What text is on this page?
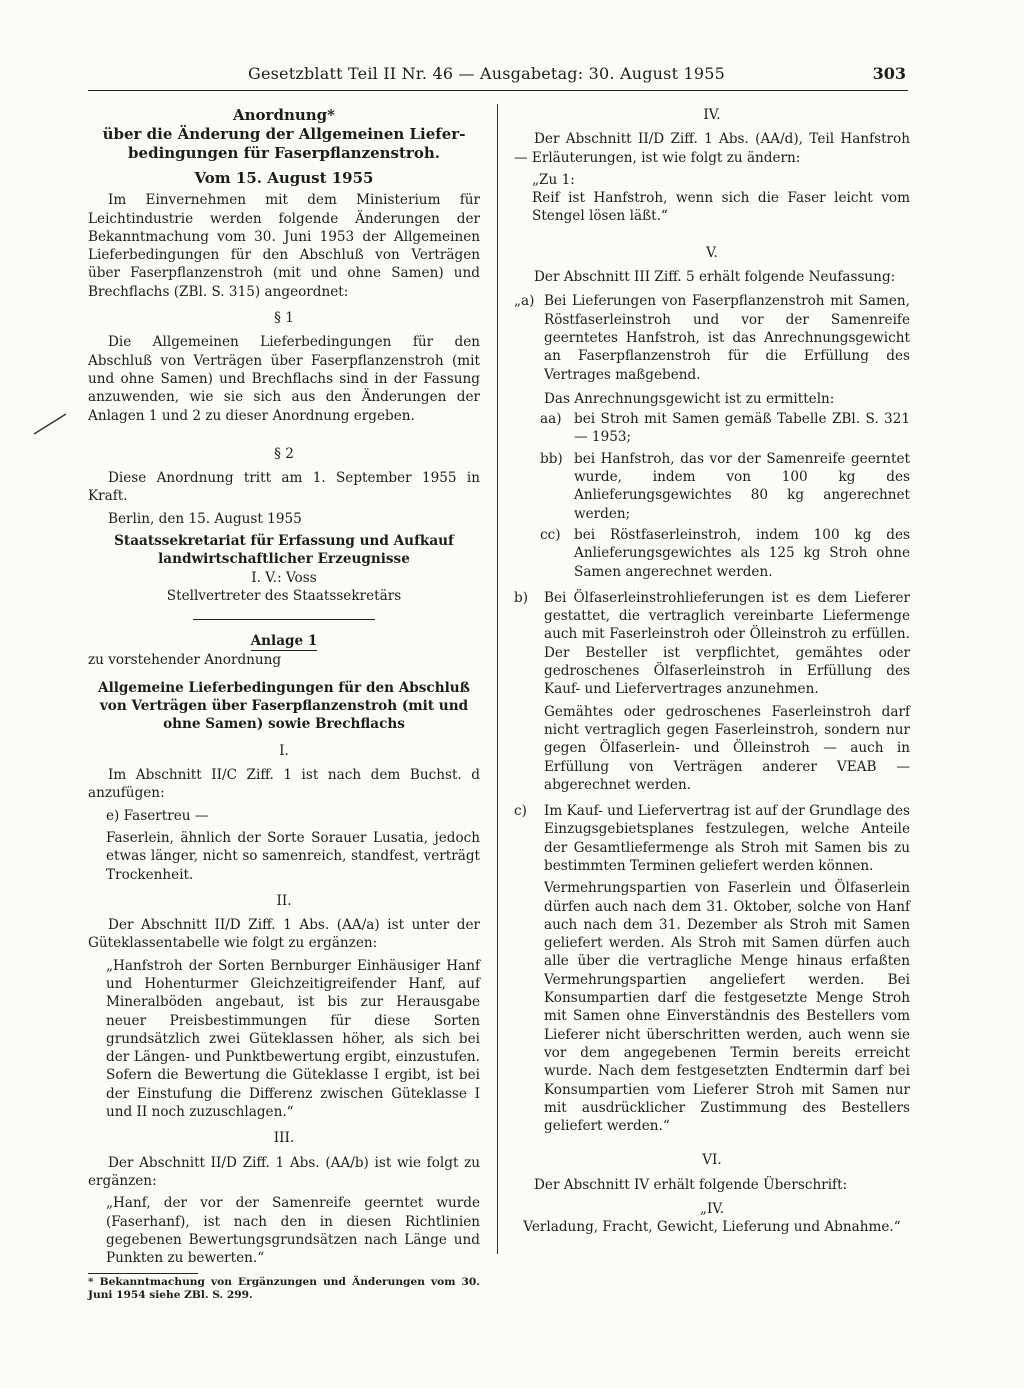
Gesetzblatt Teil II Nr. 46 — Ausgabetag: 30. August 1955	303

Anordnung*

über die Änderung der Allgemeinen Liefer-

bedingungen für Faserpflanzenstroh.

Vom 15. August 1955

Im Einvernehmen mit dem Ministerium für Leichtindustrie werden folgende Änderungen der Bekanntmachung vom 30. Juni 1953 der Allgemeinen Lieferbedingungen für den Abschluß von Verträgen über Faserpflanzenstroh (mit und ohne Samen) und Brechflachs (ZBl. S. 315) angeordnet:

§ 1

Die Allgemeinen Lieferbedingungen für den Abschluß von Verträgen über Faserpflanzenstroh (mit und ohne Samen) und Brechflachs sind in der Fassung anzuwenden, wie sie sich aus den Änderungen der Anlagen 1 und 2 zu dieser Anordnung ergeben.

§ 2

Diese Anordnung tritt am 1. September 1955 in Kraft.

Berlin, den 15. August 1955

Staatssekretariat für Erfassung und Aufkauf

landwirtschaftlicher Erzeugnisse

I. V.: Voss

Stellvertreter des Staatssekretärs

Anlage 1

zu vorstehender Anordnung

Allgemeine Lieferbedingungen für den Abschluß von Verträgen über Faserpflanzenstroh (mit und ohne Samen) sowie Brechflachs

I.

Im Abschnitt II/C Ziff. 1 ist nach dem Buchst. d anzufügen:

e) Fasertreu —

Faserlein, ähnlich der Sorte Sorauer Lusatia, jedoch etwas länger, nicht so samenreich, standfest, verträgt Trockenheit.

II.

Der Abschnitt II/D Ziff. 1 Abs. (AA/a) ist unter der Güteklassentabelle wie folgt zu ergänzen:

„Hanfstroh der Sorten Bernburger Einhäusiger Hanf und Hohenturmer Gleichzeitigreifender Hanf, auf Mineralböden angebaut, ist bis zur Herausgabe neuer Preisbestimmungen für diese Sorten grundsätzlich zwei Güteklassen höher, als sich bei der Längen- und Punktbewertung ergibt, einzustufen. Sofern die Bewertung die Güteklasse I ergibt, ist bei der Einstufung die Differenz zwischen Güteklasse I und II noch zuzuschlagen.“

III.

Der Abschnitt II/D Ziff. 1 Abs. (AA/b) ist wie folgt zu ergänzen:

„Hanf, der vor der Samenreife geerntet wurde (Faserhanf), ist nach den in diesen Richtlinien gegebenen Bewertungsgrundsätzen nach Länge und Punkten zu bewerten.“

* Bekanntmachung von Ergänzungen und Änderungen vom 30. Juni 1954 siehe ZBl. S. 299.

IV.

Der Abschnitt II/D Ziff. 1 Abs. (AA/d), Teil Hanfstroh — Erläuterungen, ist wie folgt zu ändern:

„Zu 1:

Reif ist Hanfstroh, wenn sich die Faser leicht vom Stengel lösen läßt.“

V.

Der Abschnitt III Ziff. 5 erhält folgende Neufassung:

„a) Bei Lieferungen von Faserpflanzenstroh mit Samen, Röstfaserleinstroh und vor der Samenreife geerntetes Hanfstroh, ist das Anrechnungsgewicht an Faserpflanzenstroh für die Erfüllung des Vertrages maßgebend.

Das Anrechnungsgewicht ist zu ermitteln:

aa) bei Stroh mit Samen gemäß Tabelle ZBl. S. 321 — 1953;
bb) bei Hanfstroh, das vor der Samenreife geerntet wurde, indem von 100 kg des Anlieferungsgewichtes 80 kg angerechnet werden;
cc) bei Röstfaserleinstroh, indem 100 kg des Anlieferungsgewichtes als 125 kg Stroh ohne Samen angerechnet werden.
b)	Bei Ölfaserleinstrohlieferungen ist es dem Lieferer gestattet, die vertraglich vereinbarte Liefermenge auch mit Faserleinstroh oder Ölleinstroh zu erfüllen. Der Besteller ist verpflichtet, gemähtes oder gedroschenes Ölfaserleinstroh in Erfüllung des Kauf- und Liefervertrages anzunehmen.

Gemähtes oder gedroschenes Faserleinstroh darf nicht vertraglich gegen Faserleinstroh, sondern nur gegen Ölfaserlein- und Ölleinstroh — auch in Erfüllung von Verträgen anderer VEAB — abgerechnet werden.

c)	Im Kauf- und Liefervertrag ist auf der Grundlage des Einzugsgebietsplanes festzulegen, welche Anteile der Gesamtliefermenge als Stroh mit Samen bis zu bestimmten Terminen geliefert werden können.

Vermehrungspartien von Faserlein und Ölfaserlein dürfen auch nach dem 31. Oktober, solche von Hanf auch nach dem 31. Dezember als Stroh mit Samen geliefert werden. Als Stroh mit Samen dürfen auch alle über die vertragliche Menge hinaus erfaßten Vermehrungspartien angeliefert werden. Bei Konsumpartien darf die festgesetzte Menge Stroh mit Samen ohne Einverständnis des Bestellers vom Lieferer nicht überschritten werden, auch wenn sie vor dem angegebenen Termin bereits erreicht wurde. Nach dem festgesetzten Endtermin darf bei Konsumpartien vom Lieferer Stroh mit Samen nur mit ausdrücklicher Zustimmung des Bestellers geliefert werden.“

VI.

Der Abschnitt IV erhält folgende Überschrift:

„IV.

Verladung, Fracht, Gewicht, Lieferung und Abnahme.“
